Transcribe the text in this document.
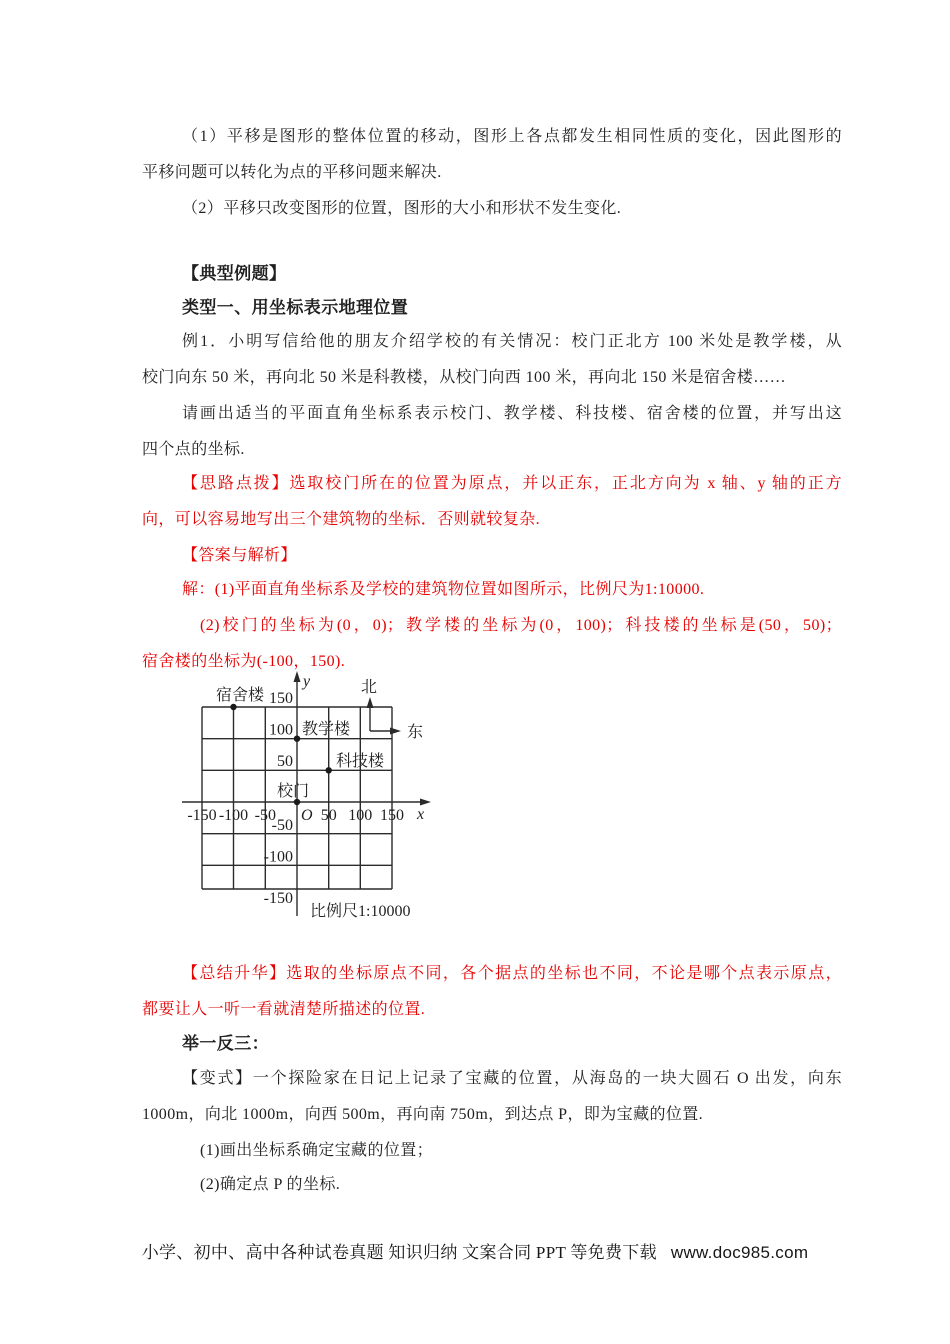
（1）平移是图形的整体位置的移动，图形上各点都发生相同性质的变化，因此图形的
平移问题可以转化为点的平移问题来解决.
（2）平移只改变图形的位置，图形的大小和形状不发生变化.
【典型例题】
类型一、用坐标表示地理位置
例1．小明写信给他的朋友介绍学校的有关情况：校门正北方 100 米处是教学楼，从
校门向东 50 米，再向北 50 米是科教楼，从校门向西 100 米，再向北 150 米是宿舍楼……
请画出适当的平面直角坐标系表示校门、教学楼、科技楼、宿舍楼的位置，并写出这
四个点的坐标.
【思路点拨】选取校门所在的位置为原点，并以正东，正北方向为 x 轴、y 轴的正方
向，可以容易地写出三个建筑物的坐标．否则就较复杂.
【答案与解析】
解：(1)平面直角坐标系及学校的建筑物位置如图所示，比例尺为1:10000.
(2)校门的坐标为(0，0)；教学楼的坐标为(0，100)；科技楼的坐标是(50，50)；
宿舍楼的坐标为(-100，150).
北
东
y
x
O
150
100
50
-50
-100
-150
-150 -100 -50	50 100 150
宿舍楼
教学楼
科技楼
校门
比例尺1:10000
【总结升华】选取的坐标原点不同，各个据点的坐标也不同，不论是哪个点表示原点，
都要让人一听一看就清楚所描述的位置.
举一反三：
【变式】一个探险家在日记上记录了宝藏的位置，从海岛的一块大圆石 O 出发，向东
1000m，向北 1000m，向西 500m，再向南 750m，到达点 P，即为宝藏的位置.
(1)画出坐标系确定宝藏的位置；
(2)确定点 P 的坐标.
小学、初中、高中各种试卷真题 知识归纳 文案合同 PPT 等免费下载 www.doc985.com
